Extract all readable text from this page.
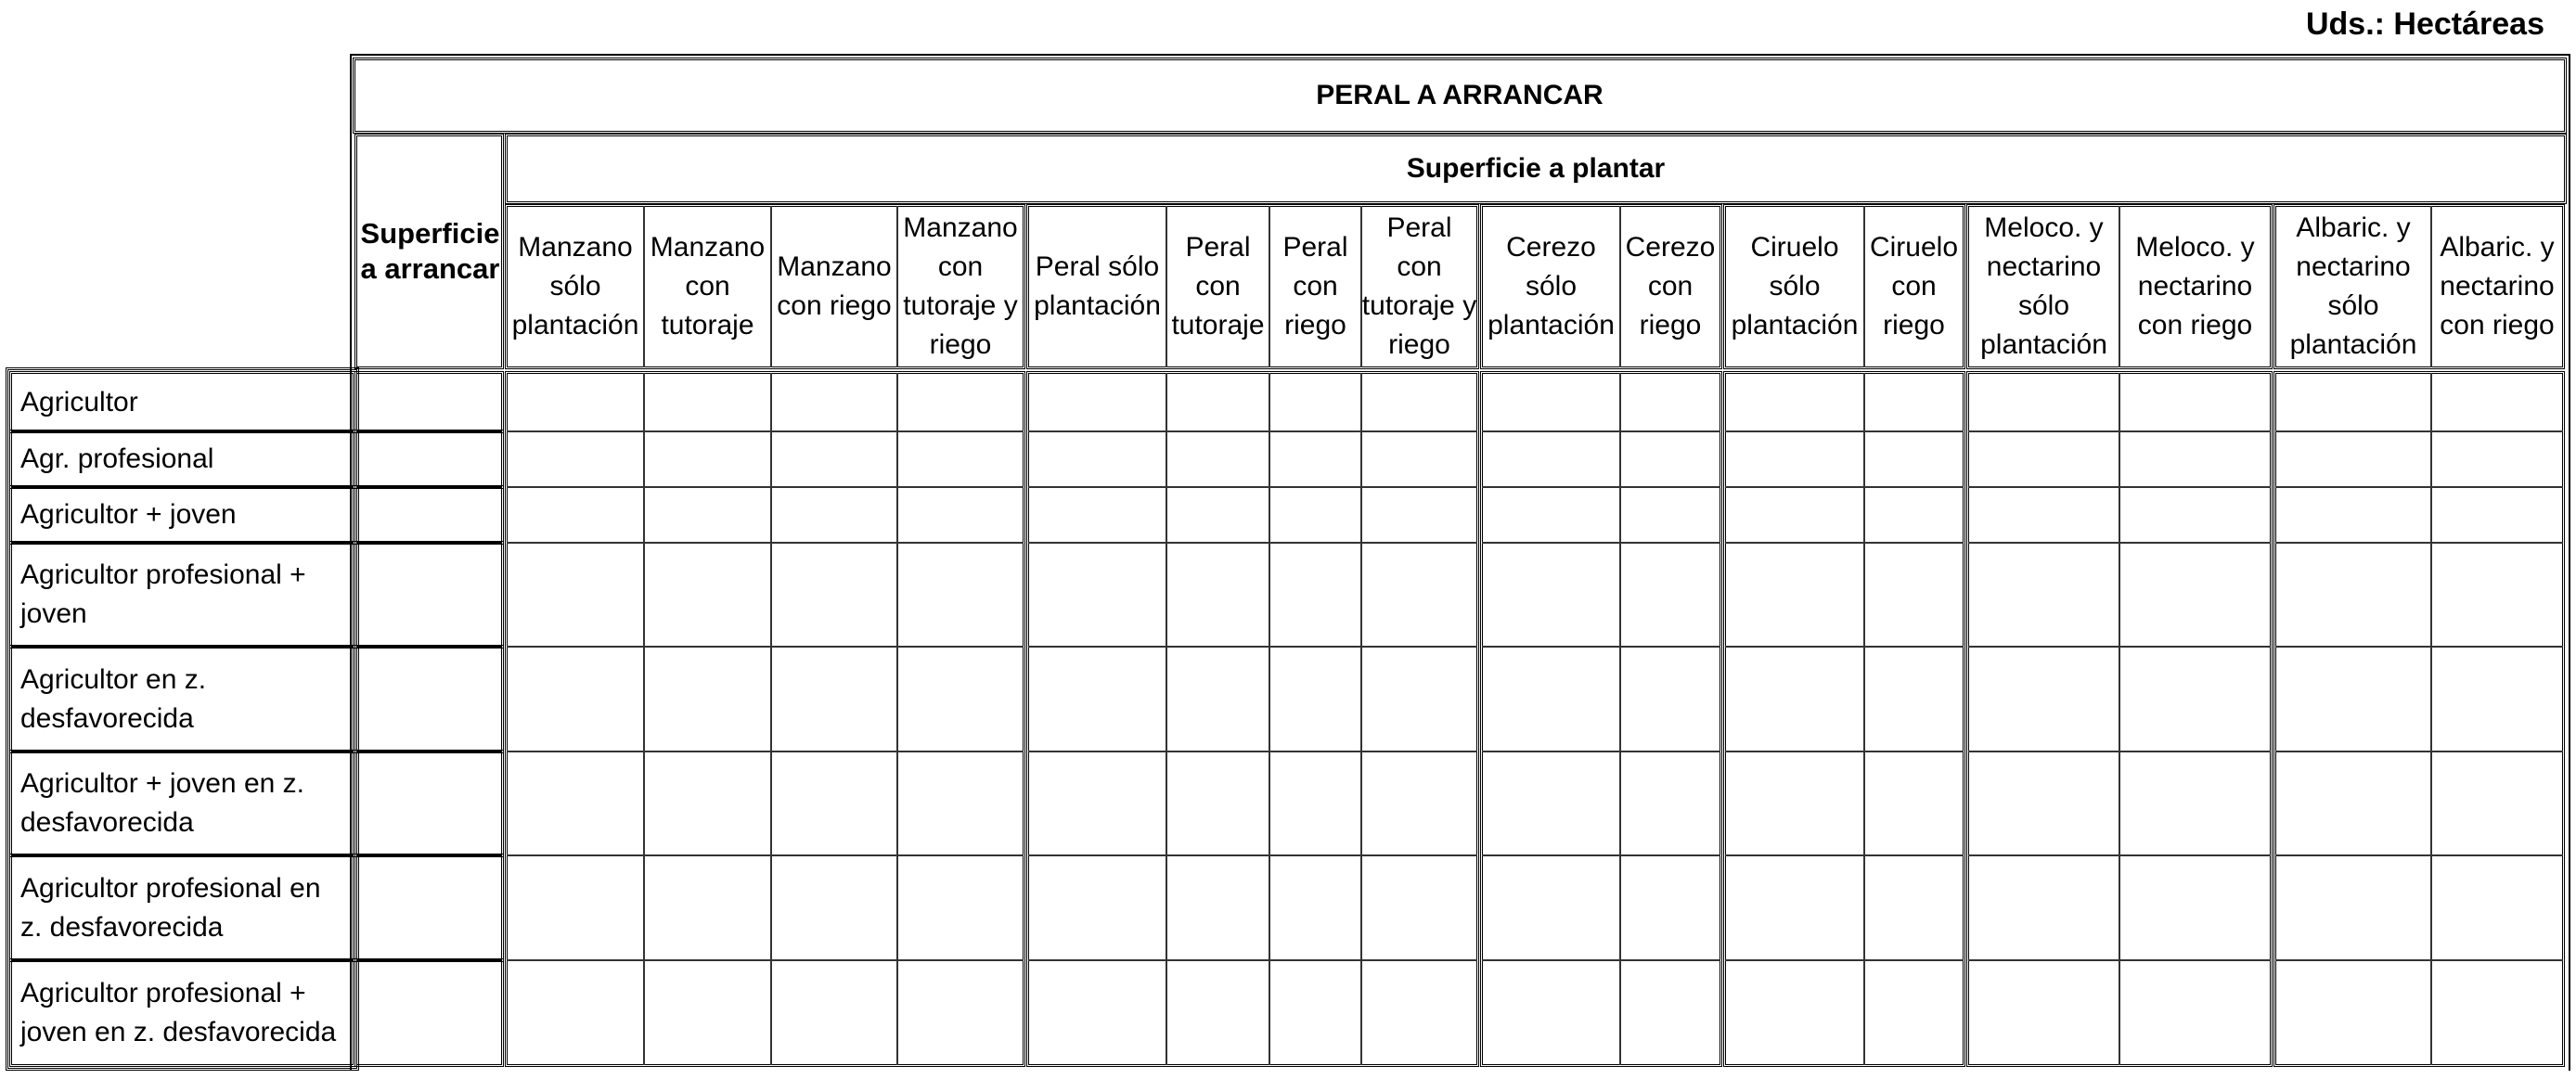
Uds.: Hectáreas
PERAL A ARRANCAR
Superficie a arrancar
Superficie a plantar
Manzano sólo plantación
Manzano con tutoraje
Manzano con riego
Manzano con tutoraje y riego
Peral sólo plantación
Peral con tutoraje
Peral con riego
Peral con tutoraje y riego
Cerezo sólo plantación
Cerezo con riego
Ciruelo sólo plantación
Ciruelo con riego
Meloco. y nectarino sólo plantación
Meloco. y nectarino con riego
Albaric. y nectarino sólo plantación
Albaric. y nectarino con riego
Agricultor
Agr. profesional
Agricultor + joven
Agricultor profesional + joven
Agricultor en z. desfavorecida
Agricultor + joven en z. desfavorecida
Agricultor profesional en z. desfavorecida
Agricultor profesional + joven en z. desfavorecida
